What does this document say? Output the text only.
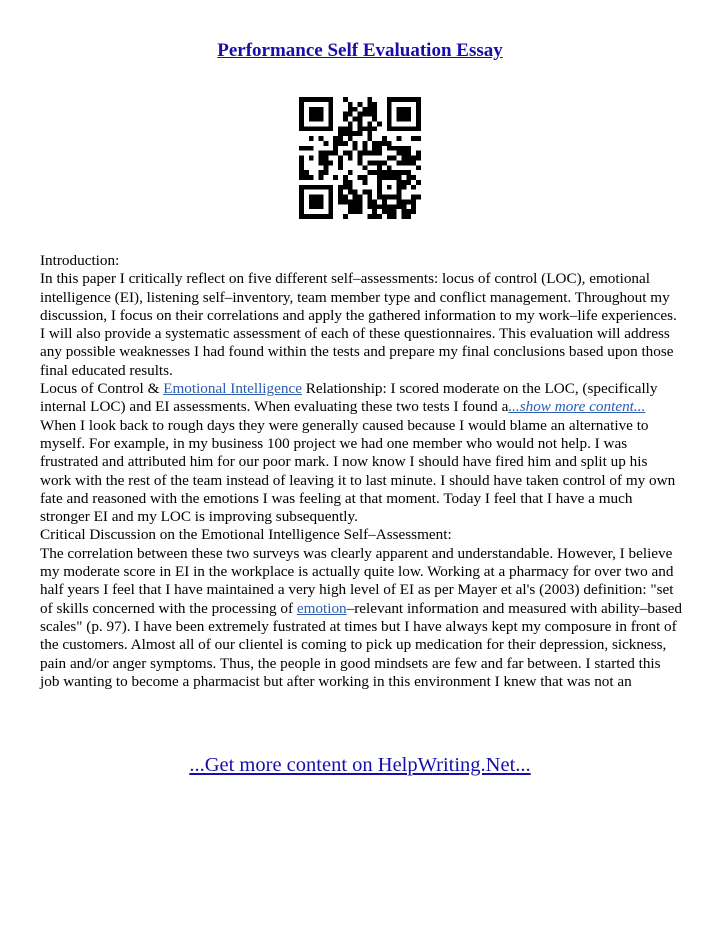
Performance Self Evaluation Essay

Introduction:

In this paper I critically reflect on five different self–assessments: locus of control (LOC), emotional intelligence (EI), listening self–inventory, team member type and conflict management. Throughout my discussion, I focus on their correlations and apply the gathered information to my work–life experiences. I will also provide a systematic assessment of each of these questionnaires. This evaluation will address any possible weaknesses I had found within the tests and prepare my final conclusions based upon those final educated results.

Locus of Control & Emotional Intelligence Relationship: I scored moderate on the LOC, (specifically internal LOC) and EI assessments. When evaluating these two tests I found a...show more content...

When I look back to rough days they were generally caused because I would blame an alternative to myself. For example, in my business 100 project we had one member who would not help. I was frustrated and attributed him for our poor mark. I now know I should have fired him and split up his work with the rest of the team instead of leaving it to last minute. I should have taken control of my own fate and reasoned with the emotions I was feeling at that moment. Today I feel that I have a much stronger EI and my LOC is improving subsequently.

Critical Discussion on the Emotional Intelligence Self–Assessment:

The correlation between these two surveys was clearly apparent and understandable. However, I believe my moderate score in EI in the workplace is actually quite low. Working at a pharmacy for over two and half years I feel that I have maintained a very high level of EI as per Mayer et al's (2003) definition: "set of skills concerned with the processing of emotion–relevant information and measured with ability–based scales" (p. 97). I have been extremely fustrated at times but I have always kept my composure in front of the customers. Almost all of our clientel is coming to pick up medication for their depression, sickness, pain and/or anger symptoms. Thus, the people in good mindsets are few and far between. I started this job wanting to become a pharmacist but after working in this environment I knew that was not an

...Get more content on HelpWriting.Net...
